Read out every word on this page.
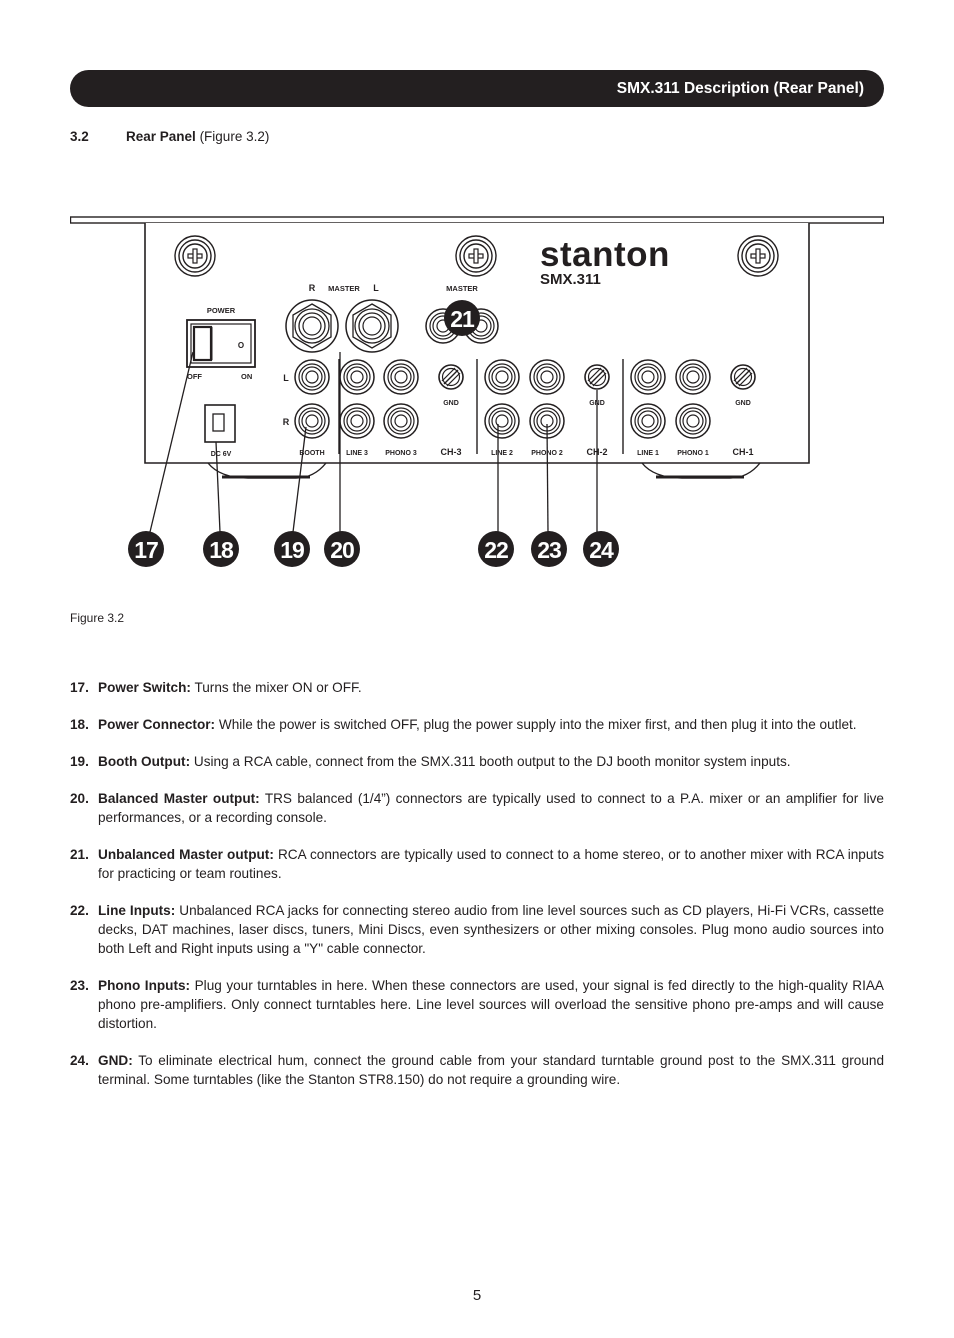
SMX.311 Description (Rear Panel)
3.2	Rear Panel (Figure 3.2)
stanton
SMX.311
POWER
O
OFF	ON
DC 6V
R MASTER L	MASTER
L
R
BOOTH
GND
LINE 3 PHONO 3	CH-3
GND
LINE 2	PHONO 2	CH-2
GND
LINE 1	PHONO 1	CH-1
17 18 19 20
21
22 23 24
Figure 3.2
17. Power Switch: Turns the mixer ON or OFF.
18. Power Connector: While the power is switched OFF, plug the power supply into the mixer first, and then plug it into the outlet.
19. Booth Output: Using a RCA cable, connect from the SMX.311 booth output to the DJ booth monitor system inputs.
20. Balanced Master output: TRS balanced (1/4”) connectors are typically used to connect to a P.A. mixer or an amplifier for live performances, or a recording console.
21. Unbalanced Master output: RCA connectors are typically used to connect to a home stereo, or to another mixer with RCA inputs for practicing or team routines.
22. Line Inputs: Unbalanced RCA jacks for connecting stereo audio from line level sources such as CD players, Hi-Fi VCRs, cassette decks, DAT machines, laser discs, tuners, Mini Discs, even synthesizers or other mixing consoles. Plug mono audio sources into both Left and Right inputs using a "Y" cable connector.
23. Phono Inputs: Plug your turntables in here. When these connectors are used, your signal is fed directly to the high-quality RIAA phono pre-amplifiers. Only connect turntables here. Line level sources will overload the sensitive phono pre-amps and will cause distortion.
24. GND: To eliminate electrical hum, connect the ground cable from your standard turntable ground post to the SMX.311 ground terminal. Some turntables (like the Stanton STR8.150) do not require a grounding wire.
5
